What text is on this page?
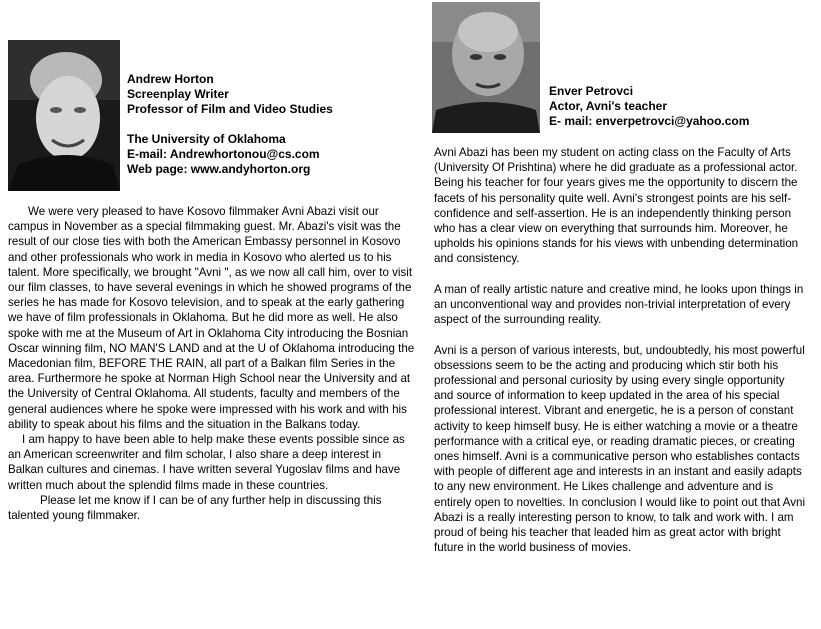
Andrew Horton
Screenplay Writer
Professor of Film and Video Studies
The University of Oklahoma
E-mail: Andrewhortonou@cs.com
Web page: www.andyhorton.org

We were very pleased to have Kosovo filmmaker Avni Abazi visit our campus in November as a special filmmaking guest. Mr. Abazi's visit was the result of our close ties with both the American Embassy personnel in Kosovo and other professionals who work in media in Kosovo who alerted us to his talent. More specifically, we brought "Avni ", as we now all call him, over to visit our film classes, to have several evenings in which he showed programs of the series he has made for Kosovo television, and to speak at the early gathering we have of film professionals in Oklahoma. But he did more as well. He also spoke with me at the Museum of Art in Oklahoma City introducing the Bosnian Oscar winning film, NO MAN'S LAND and at the U of Oklahoma introducing the Macedonian film, BEFORE THE RAIN, all part of a Balkan film Series in the area. Furthermore he spoke at Norman High School near the University and at the University of Central Oklahoma. All students, faculty and members of the general audiences where he spoke were impressed with his work and with his ability to speak about his films and the situation in the Balkans today.

I am happy to have been able to help make these events possible since as an American screenwriter and film scholar, I also share a deep interest in Balkan cultures and cinemas. I have written several Yugoslav films and have written much about the splendid films made in these countries.

Please let me know if I can be of any further help in discussing this talented young filmmaker.

Enver Petrovci
Actor, Avni's teacher
E- mail: enverpetrovci@yahoo.com

Avni Abazi has been my student on acting class on the Faculty of Arts (University Of Prishtina) where he did graduate as a professional actor. Being his teacher for four years gives me the opportunity to discern the facets of his personality quite well. Avni's strongest points are his self-confidence and self-assertion. He is an independently thinking person who has a clear view on everything that surrounds him. Moreover, he upholds his opinions stands for his views with unbending determination and consistency.

A man of really artistic nature and creative mind, he looks upon things in an unconventional way and provides non-trivial interpretation of every aspect of the surrounding reality.

Avni is a person of various interests, but, undoubtedly, his most powerful obsessions seem to be the acting and producing which stir both his professional and personal curiosity by using every single opportunity and source of information to keep updated in the area of his special professional interest. Vibrant and energetic, he is a person of constant activity to keep himself busy. He is either watching a movie or a theatre performance with a critical eye, or reading dramatic pieces, or creating ones himself. Avni is a communicative person who establishes contacts with people of different age and interests in an instant and easily adapts to any new environment. He Likes challenge and adventure and is entirely open to novelties. In conclusion I would like to point out that Avni Abazi is a really interesting person to know, to talk and work with. I am proud of being his teacher that leaded him as great actor with bright future in the world business of movies.
